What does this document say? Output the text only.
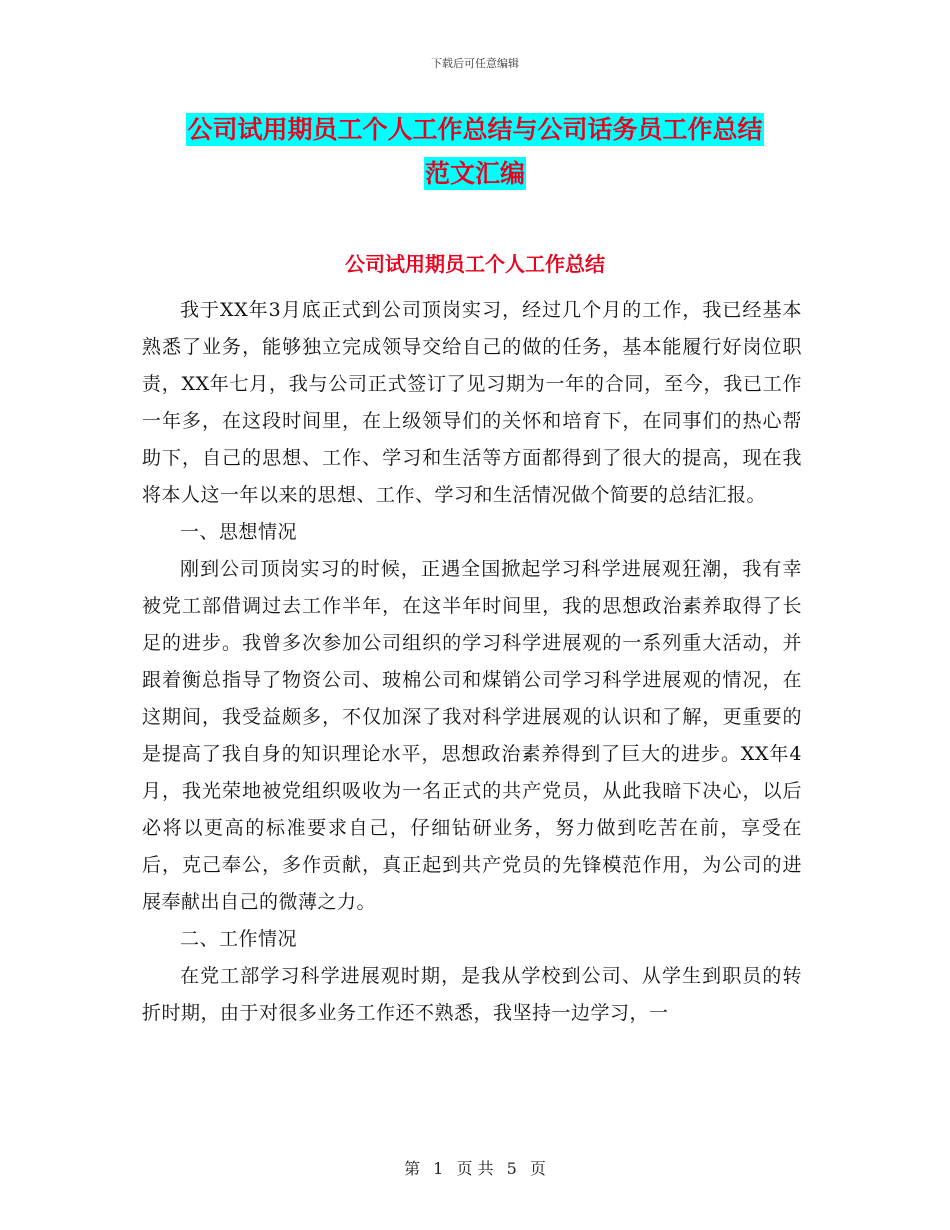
下载后可任意编辑
公司试用期员工个人工作总结与公司话务员工作总结
范文汇编
公司试用期员工个人工作总结

我于XX年3月底正式到公司顶岗实习，经过几个月的工作，我已经基本熟悉了业务，能够独立完成领导交给自己的做的任务，基本能履行好岗位职责，XX年七月，我与公司正式签订了见习期为一年的合同，至今，我已工作一年多，在这段时间里，在上级领导们的关怀和培育下，在同事们的热心帮助下，自己的思想、工作、学习和生活等方面都得到了很大的提高，现在我将本人这一年以来的思想、工作、学习和生活情况做个简要的总结汇报。

一、思想情况

刚到公司顶岗实习的时候，正遇全国掀起学习科学进展观狂潮，我有幸被党工部借调过去工作半年，在这半年时间里，我的思想政治素养取得了长足的进步。我曾多次参加公司组织的学习科学进展观的一系列重大活动，并跟着衡总指导了物资公司、玻棉公司和煤销公司学习科学进展观的情况，在这期间，我受益颇多，不仅加深了我对科学进展观的认识和了解，更重要的是提高了我自身的知识理论水平，思想政治素养得到了巨大的进步。XX年4月，我光荣地被党组织吸收为一名正式的共产党员，从此我暗下决心，以后必将以更高的标准要求自己，仔细钻研业务，努力做到吃苦在前，享受在后，克己奉公，多作贡献，真正起到共产党员的先锋模范作用，为公司的进展奉献出自己的微薄之力。

二、工作情况

在党工部学习科学进展观时期，是我从学校到公司、从学生到职员的转折时期，由于对很多业务工作还不熟悉，我坚持一边学习，一

第 1 页 共 5 页
